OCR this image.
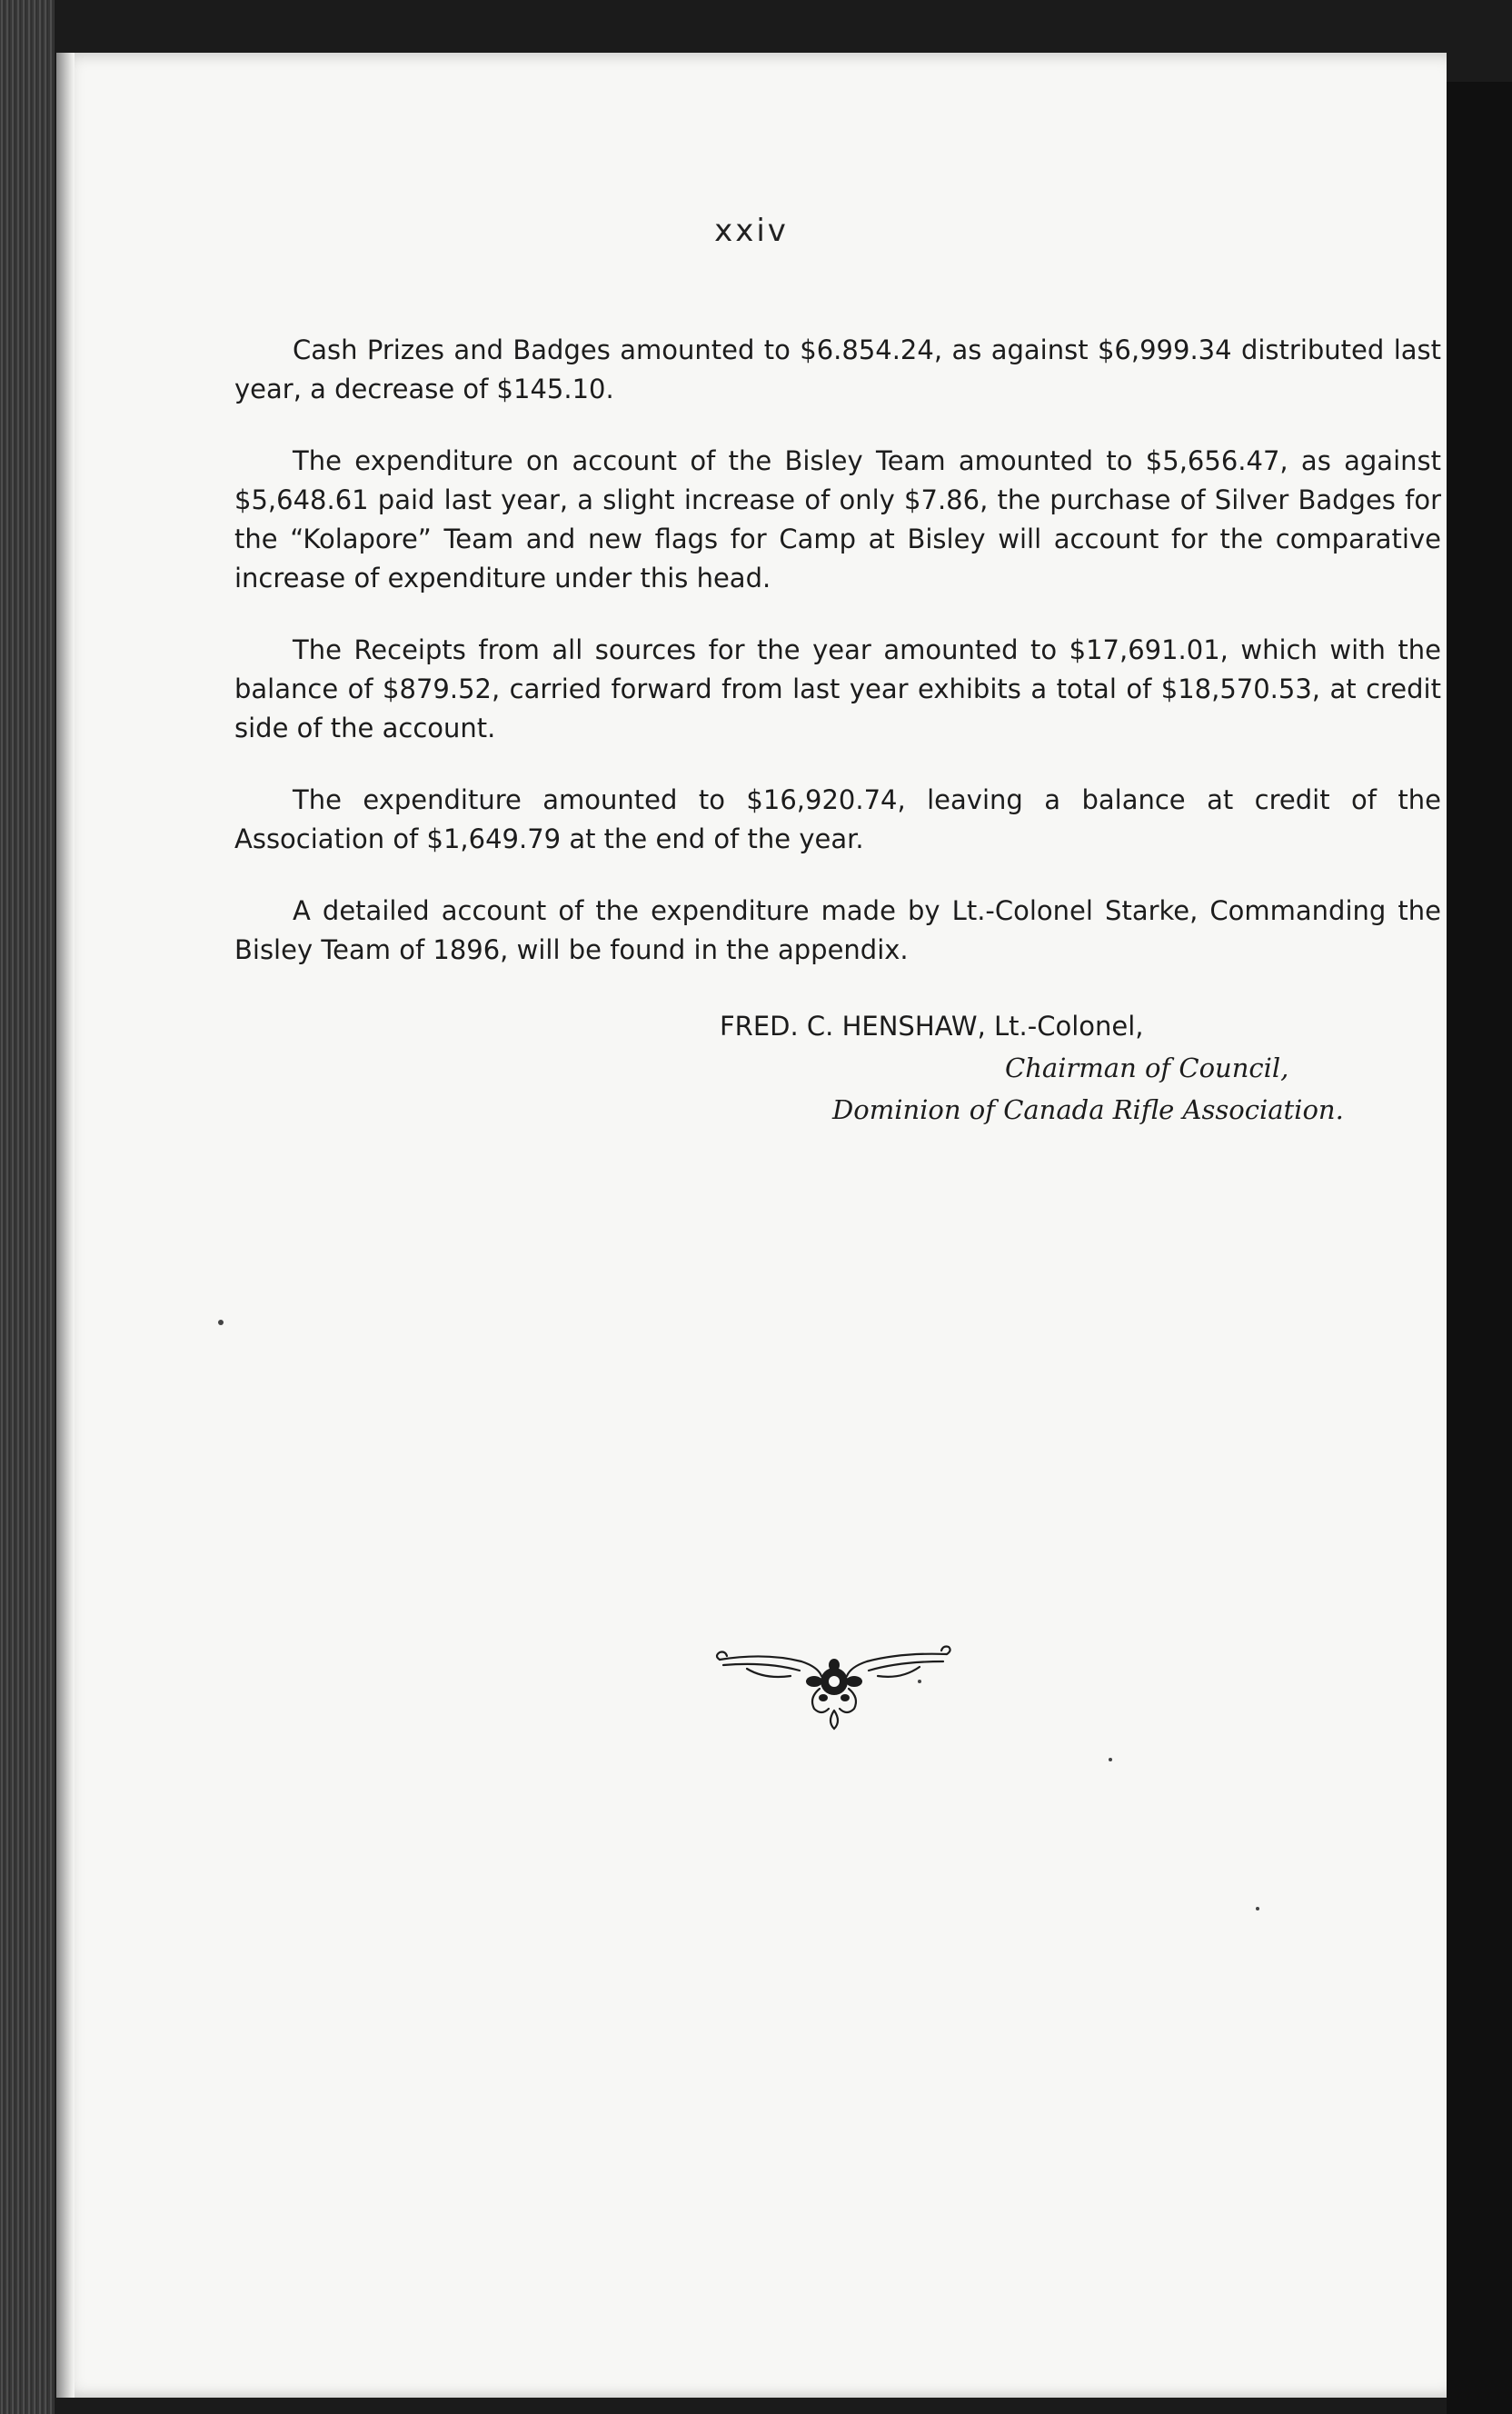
xxiv

Cash Prizes and Badges amounted to $6.854.24, as against $6,999.34 distributed last year, a decrease of $145.10.

The expenditure on account of the Bisley Team amounted to $5,656.47, as against $5,648.61 paid last year, a slight increase of only $7.86, the purchase of Silver Badges for the “Kolapore” Team and new flags for Camp at Bisley will account for the comparative increase of expenditure under this head.

The Receipts from all sources for the year amounted to $17,691.01, which with the balance of $879.52, carried forward from last year exhibits a total of $18,570.53, at credit side of the account.

The expenditure amounted to $16,920.74, leaving a balance at credit of the Association of $1,649.79 at the end of the year.

A detailed account of the expenditure made by Lt.-Colonel Starke, Commanding the Bisley Team of 1896, will be found in the appendix.

FRED. C. HENSHAW, Lt.-Colonel,
Chairman of Council,
Dominion of Canada Rifle Association.
